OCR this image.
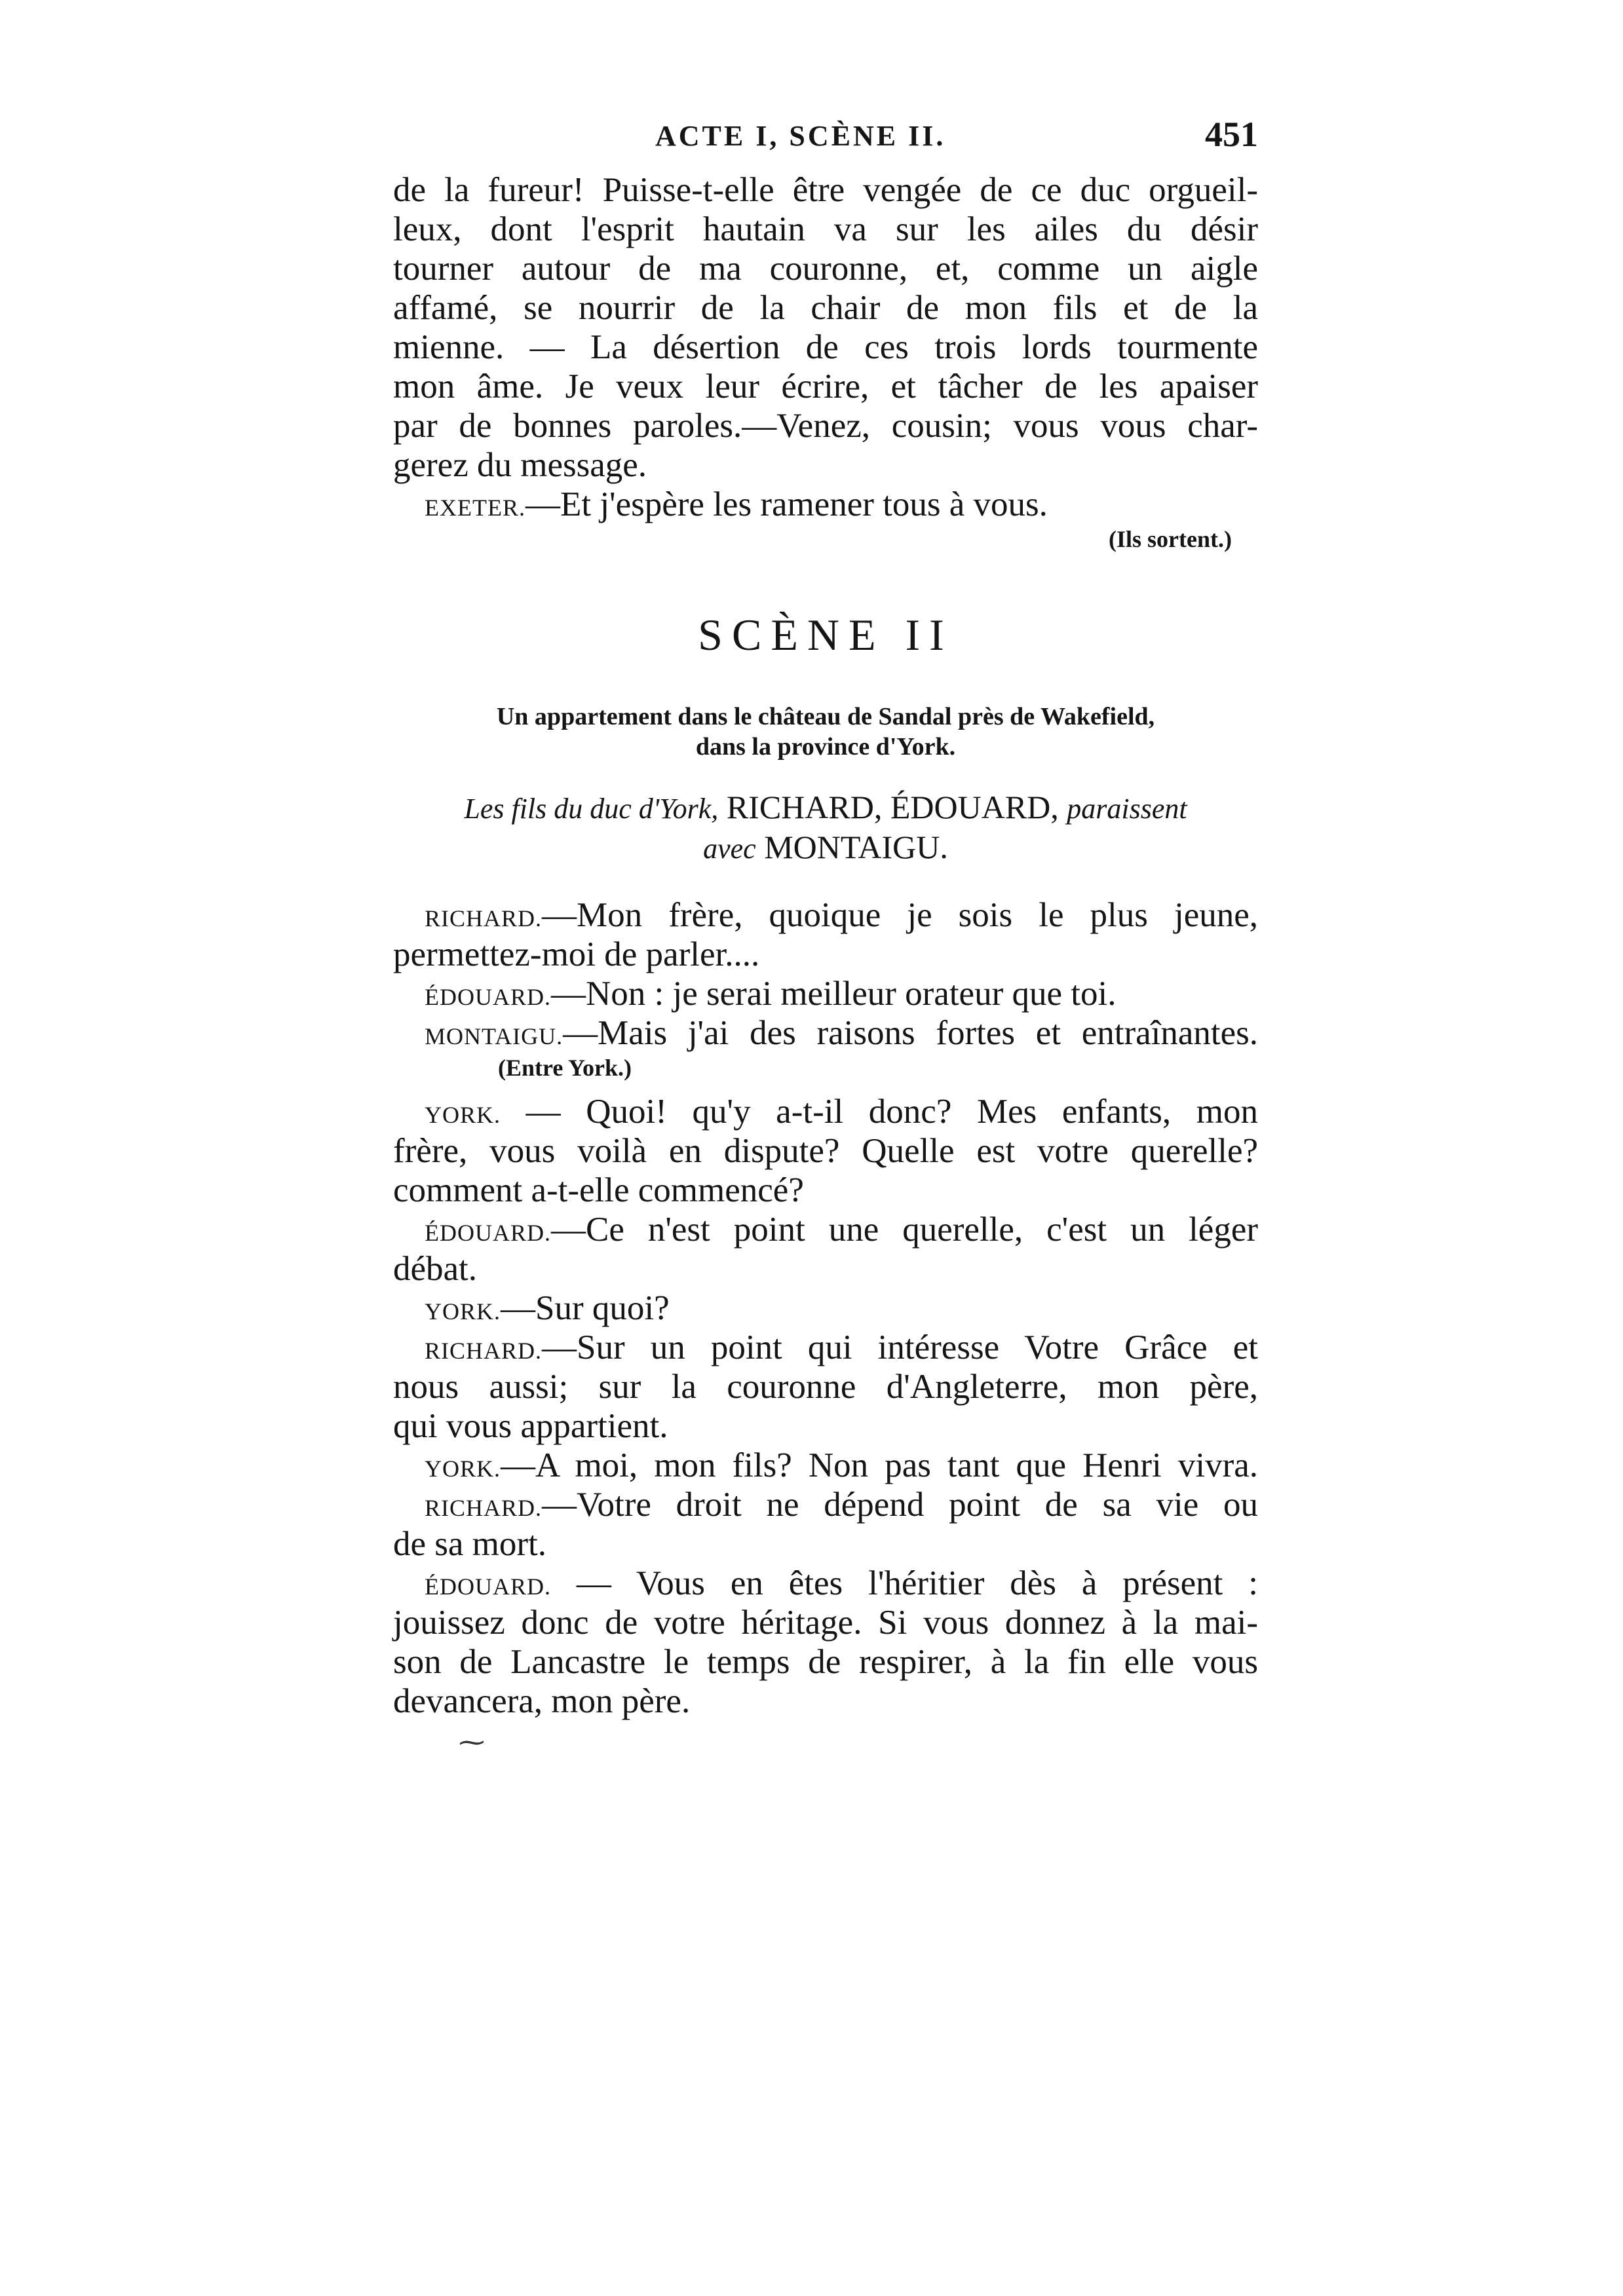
ACTE I, SCÈNE II.	451
de la fureur! Puisse-t-elle être vengée de ce duc orgueil-
leux, dont l'esprit hautain va sur les ailes du désir
tourner autour de ma couronne, et, comme un aigle
affamé, se nourrir de la chair de mon fils et de la
mienne. — La désertion de ces trois lords tourmente
mon âme. Je veux leur écrire, et tâcher de les apaiser
par de bonnes paroles.—Venez, cousin; vous vous char-
gerez du message.
EXETER.—Et j'espère les ramener tous à vous.
(Ils sortent.)
SCÈNE II
Un appartement dans le château de Sandal près de Wakefield,
dans la province d'York.
Les fils du duc d'York, RICHARD, ÉDOUARD, paraissent
avec MONTAIGU.
RICHARD.—Mon frère, quoique je sois le plus jeune,
permettez-moi de parler....
ÉDOUARD.—Non : je serai meilleur orateur que toi.
MONTAIGU.—Mais j'ai des raisons fortes et entraînantes.
(Entre York.)
YORK. — Quoi! qu'y a-t-il donc? Mes enfants, mon
frère, vous voilà en dispute? Quelle est votre querelle?
comment a-t-elle commencé?
ÉDOUARD.—Ce n'est point une querelle, c'est un léger
débat.
YORK.—Sur quoi?
RICHARD.—Sur un point qui intéresse Votre Grâce et
nous aussi; sur la couronne d'Angleterre, mon père,
qui vous appartient.
YORK.—A moi, mon fils? Non pas tant que Henri vivra.
RICHARD.—Votre droit ne dépend point de sa vie ou
de sa mort.
ÉDOUARD. — Vous en êtes l'héritier dès à présent :
jouissez donc de votre héritage. Si vous donnez à la mai-
son de Lancastre le temps de respirer, à la fin elle vous
devancera, mon père.
⁓
